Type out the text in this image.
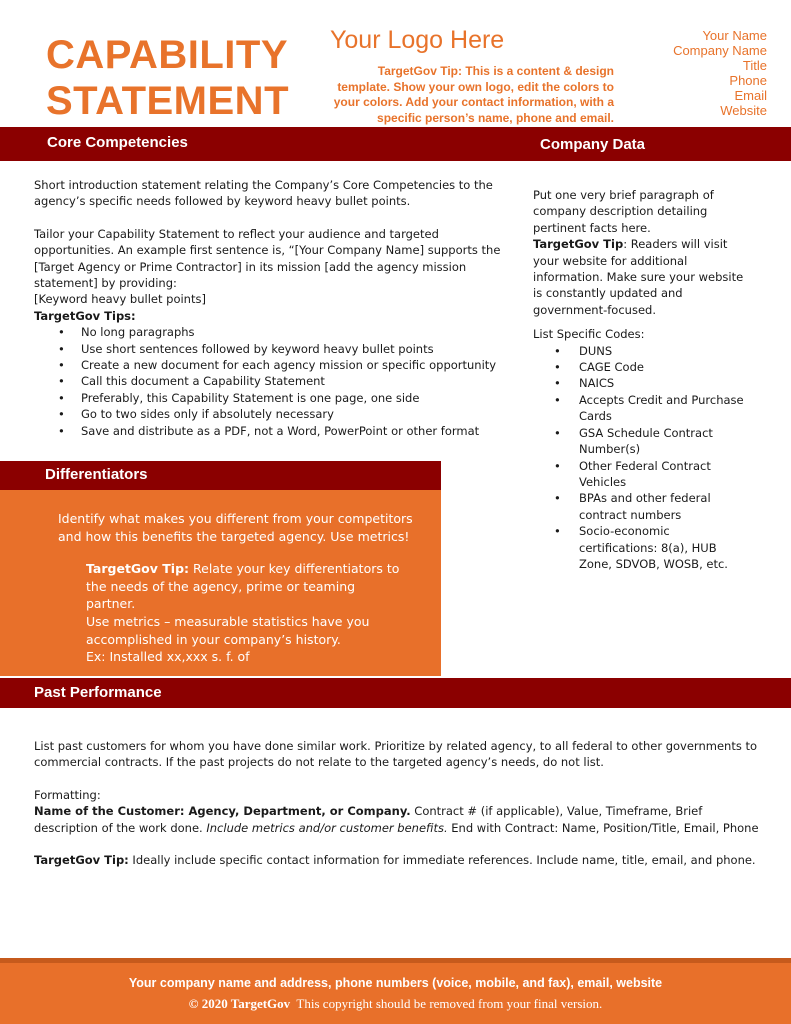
CAPABILITY
STATEMENT
Your Logo Here
TargetGov Tip: This is a content & design
template. Show your own logo, edit the colors to
your colors. Add your contact information, with a
specific person’s name, phone and email.
Your Name
Company Name
Title
Phone
Email
Website
Core Competencies	Company Data

Short introduction statement relating the Company’s Core Competencies to the agency’s specific needs followed by keyword heavy bullet points.

Tailor your Capability Statement to reflect your audience and targeted opportunities. An example first sentence is, “[Your Company Name] supports the [Target Agency or Prime Contractor] in its mission [add the agency mission statement] by providing:

[Keyword heavy bullet points]

TargetGov Tips:

• No long paragraphs
• Use short sentences followed by keyword heavy bullet points
• Create a new document for each agency mission or specific opportunity
• Call this document a Capability Statement
• Preferably, this Capability Statement is one page, one side
• Go to two sides only if absolutely necessary
• Save and distribute as a PDF, not a Word, PowerPoint or other format

Put one very brief paragraph of company description detailing pertinent facts here.

TargetGov Tip: Readers will visit your website for additional information. Make sure your website is constantly updated and government-focused.

List Specific Codes:

• DUNS
• CAGE Code
• NAICS
• Accepts Credit and Purchase Cards
• GSA Schedule Contract Number(s)
• Other Federal Contract Vehicles
• BPAs and other federal contract numbers
• Socio-economic certifications: 8(a), HUB Zone, SDVOB, WOSB, etc.
Differentiators
Identify what makes you different from your competitors and how this benefits the targeted agency. Use metrics!
TargetGov Tip: Relate your key differentiators to the needs of the agency, prime or teaming partner.
Use metrics – measurable statistics have you accomplished in your company’s history.
Ex: Installed xx,xxx s. f. of
Past Performance

List past customers for whom you have done similar work. Prioritize by related agency, to all federal to other governments to commercial contracts. If the past projects do not relate to the targeted agency’s needs, do not list.

Formatting:

Name of the Customer: Agency, Department, or Company. Contract # (if applicable), Value, Timeframe, Brief description of the work done. Include metrics and/or customer benefits. End with Contract: Name, Position/Title, Email, Phone

TargetGov Tip: Ideally include specific contact information for immediate references. Include name, title, email, and phone.

Your company name and address, phone numbers (voice, mobile, and fax), email, website
© 2020 TargetGov  This copyright should be removed from your final version.
